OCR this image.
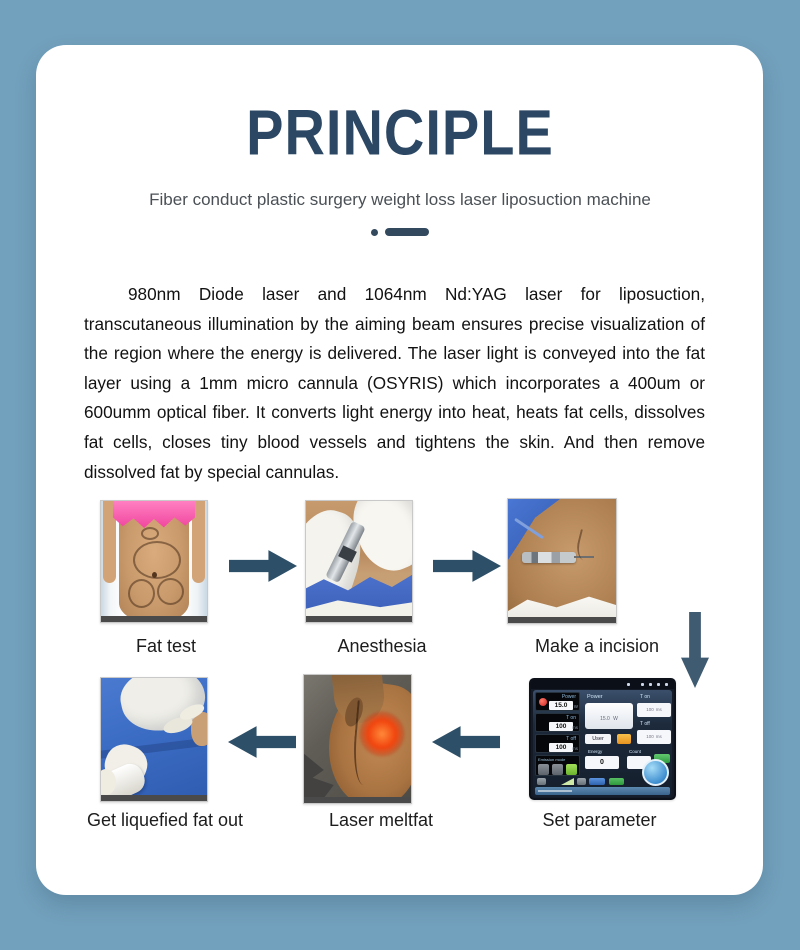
PRINCIPLE
Fiber conduct plastic surgery weight loss laser liposuction machine
980nm Diode laser and 1064nm Nd:YAG laser for liposuction, transcutaneous illumination by the aiming beam ensures precise visualization of the region where the energy is delivered. The laser light is conveyed into the fat layer using a 1mm micro cannula (OSYRIS) which incorporates a 400um or 600umm optical fiber. It converts light energy into heat, heats fat cells, dissolves fat cells, closes tiny blood vessels and tightens the skin. And then remove dissolved fat by special cannulas.
Fat test	Anesthesia	Make a incision
Power
15.0	W
T on
100	ms
T off
100	ms
Emission mode
Power
15.0 W
User
T on
100 ms
T off
100 ms
Energy
0
Count
Get liquefied fat out	Laser meltfat	Set parameter
